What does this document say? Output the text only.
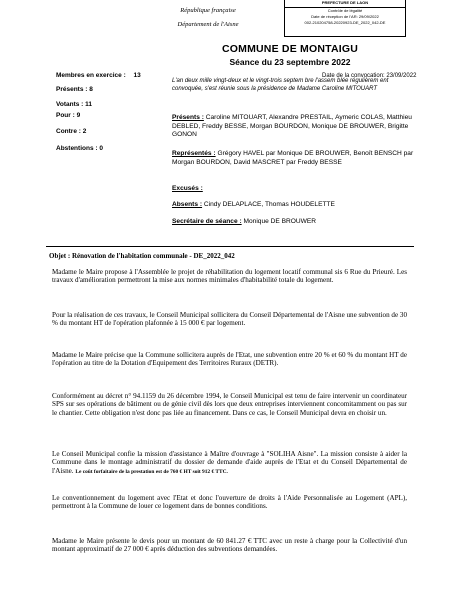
République française
Département de l'Aisne
PREFECTURE DE LAON
Contrôle de légalité
Date de réception de l'AR: 29/09/2022
002-210204758-20220923-DE_2022_042-DE
COMMUNE DE MONTAIGU
Séance du 23 septembre 2022
Membres en exercice : 13	Date de la convocation: 23/09/2022
L'an deux mille vingt-deux et le vingt-trois septem bre l'assem blée régulièrem ent convoquée, s'est réunie sous la présidence de Madame Caroline MITOUART
Présents : 8
Votants : 11
Pour : 9
Contre : 2
Abstentions : 0
Présents : Caroline MITOUART, Alexandre PRESTAIL, Aymeric COLAS, Matthieu DEBLED, Freddy BESSE, Morgan BOURDON, Monique DE BROUWER, Brigitte GONON
Représentés : Grégory HAVEL par Monique DE BROUWER, Benoît BENSCH par Morgan BOURDON, David MASCRET par Freddy BESSE
Excusés :
Absents : Cindy DELAPLACE, Thomas HOUDELETTE
Secrétaire de séance : Monique DE BROUWER
Objet : Rénovation de l'habitation communale - DE_2022_042
Madame le Maire propose à l'Assemblée le projet de réhabilitation du logement locatif communal sis 6 Rue du Prieuré. Les travaux d'amélioration permettront la mise aux normes minimales d'habitabilité totale du logement.
Pour la réalisation de ces travaux, le Conseil Municipal sollicitera du Conseil Départemental de l'Aisne une subvention de 30 % du montant HT de l'opération plafonnée à 15 000 € par logement.
Madame le Maire précise que la Commune sollicitera auprès de l'Etat, une subvention entre 20 % et 60 % du montant HT de l'opération au titre de la Dotation d'Equipement des Territoires Ruraux (DETR).
Conformément au décret n° 94.1159 du 26 décembre 1994, le Conseil Municipal est tenu de faire intervenir un coordinateur SPS sur ses opérations de bâtiment ou de génie civil dès lors que deux entreprises interviennent concomitamment ou pas sur le chantier. Cette obligation n'est donc pas liée au financement. Dans ce cas, le Conseil Municipal devra en choisir un.
Le Conseil Municipal confie la mission d'assistance à Maître d'ouvrage à "SOLIHA Aisne". La mission consiste à aider la Commune dans le montage administratif du dossier de demande d'aide auprès de l'Etat et du Conseil Départemental de l'Aisne. Le coût forfaitaire de la prestation est de 760 € HT soit 912 € TTC.
Le conventionnement du logement avec l'Etat et donc l'ouverture de droits à l'Aide Personnalisée au Logement (APL), permettront à la Commune de louer ce logement dans de bonnes conditions.
Madame le Maire présente le devis pour un montant de 60 841.27 € TTC avec un reste à charge pour la Collectivité d'un montant approximatif de 27 000 € après déduction des subventions demandées.
